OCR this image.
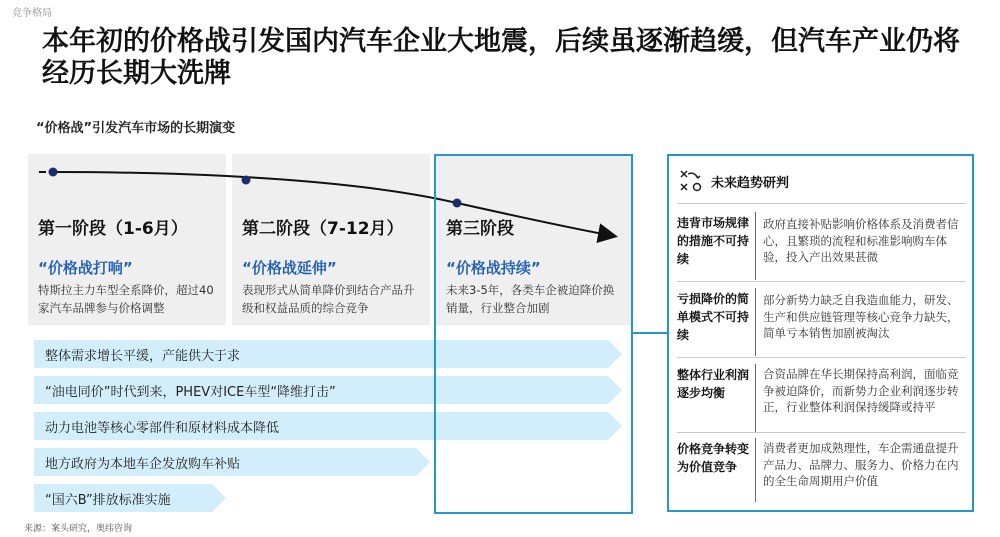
竞争格局
本年初的价格战引发国内汽车企业大地震，后续虽逐渐趋缓，但汽车产业仍将经历长期大洗牌
“价格战”引发汽车市场的长期演变
第一阶段（1-6月）
“价格战打响”
特斯拉主力车型全系降价，超过40家汽车品牌参与价格调整
第二阶段（7-12月）
“价格战延伸”
表现形式从简单降价到结合产品升级和权益品质的综合竞争
第三阶段
“价格战持续”
未来3-5年，各类车企被迫降价换销量，行业整合加剧
整体需求增长平缓，产能供大于求
“油电同价”时代到来，PHEV对ICE车型“降维打击”
动力电池等核心零部件和原材料成本降低
地方政府为本地车企发放购车补贴
“国六B”排放标准实施
未来趋势研判
违背市场规律的措施不可持续
政府直接补贴影响价格体系及消费者信心，且繁琐的流程和标准影响购车体验，投入产出效果甚微
亏损降价的简单模式不可持续
部分新势力缺乏自我造血能力，研发、生产和供应链管理等核心竞争力缺失，简单亏本销售加剧被淘汰
整体行业利润逐步均衡
合资品牌在华长期保持高利润，面临竞争被迫降价，而新势力企业利润逐步转正，行业整体利润保持缓降或持平
价格竞争转变为价值竞争
消费者更加成熟理性，车企需通盘提升产品力、品牌力、服务力、价格力在内的全生命周期用户价值
来源：案头研究，奥纬咨询
